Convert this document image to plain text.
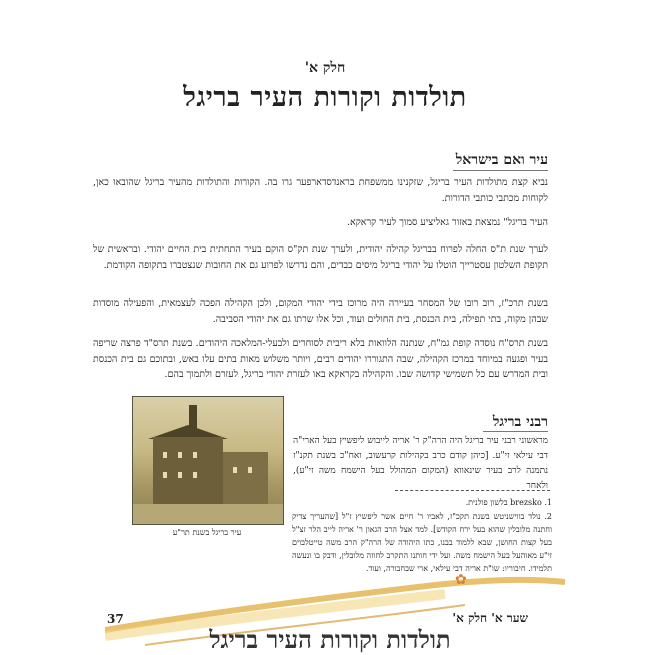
חלק א'
תולדות וקורות העיר בריגל
עיר ואם בישראל
נביא קצת מתולדות העיר בריגל, שזקנינו ממשפחת בראנדסדארפער גרו בה. הקורות והתולדות מהעיר בריגל שהובאו כאן, לקוחות מכתבי כותבי הדורות.
העיר בריגל" נמצאת באזור גאליציע סמוך לעיר קראקא.
לערך שנת ת"ס החלה לפרוח בבריגל קהילה יהודית, ולערך שנת תק"ס הוקם בעיר התחתית בית החיים יהודי. ובראשית של תקופת השלטון עסטרייך הוטלו על יהודי בריגל מיסים כבדים, והם נדרשו לפרוע גם את החובות שנצטברו בתקופה הקודמת.
בשנת תרכ"ז, רוב רובו של המסחר בעיירה היה מרוכז בידי יהודי המקום, ולכן הקהילה הפכה לעצמאית, והפעילה מוסדות שבהן מקוה, בתי תפילה, בית הכנסת, בית החולים ועוד, וכל אלו שרתו גם את יהודי הסביבה.
בשנת תרס"ח נוסדה קופת גמ"ח, שנתנה הלוואות בלא ריבית לסוחרים ולבעלי-המלאכה היהודים. בשנת תרס"ד פרצה שריפה בעיר ופגעה במיוחד במרכז הקהילה, שבה התגוררו יהודים רבים, ויותר משלוש מאות בתים עלו באש, ובתוכם גם בית הכנסת ובית המדרש עם כל תשמישי קדושה שבו. והקהילה בקראקא באו לעזרת יהודי בריגל, לעזרם ולתמוך בהם.
עיר בריגל בשנת תר"ע
רבני בריגל
מראשוני רבני עיר בריגל היה הרה"ק ר' אריה לייבוש ליפשיץ בעל הארי"ה דבי עילאי זי"ע. [כיהן קודם כרב בקהילות קרעשוב, ואח"כ בשנת תקנ"ז נתמנה לרב בעיר שינאווא (המקום המהולל בעל הישמח משה זי"ע), ולאחר
1. brezsko בלשון פולנית.
2. נולד בווישניטש בשנת תקכ"ז, לאביו ר' חיים אשר ליפשיץ ז"ל [שהעריך צדיק וחתנה מלובלין שהוא בעל ירח הקודש]. למד אצל הרב הגאון ר' אריה לייב הלר זצ"ל בעל קצות החושן, שבא ללמוד בבנו, כתו היהודה של הרה"ק הרב משה טייטלבוים זי"ע מאוהעל בעל הישמח משה. ועל ידי חותנו התקרב לחוזה מלובלין, ודבק בו ונעשה תלמידו. חיבוריו: שו"ת אריה דבי עילאי, ארי שבחבורה, ועוד.
✿
37	שער א' חלק א'
תולדות וקורות העיר בריגל
